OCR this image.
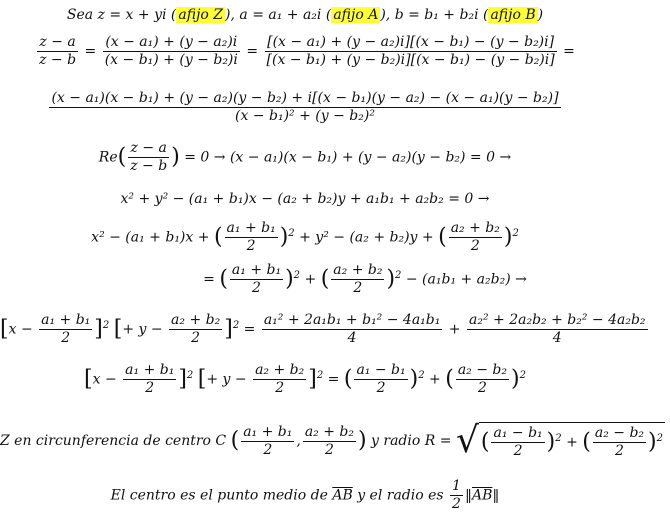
Sea z = x + yi ( afijo Z ), a = a₁ + a₂i ( afijo A ), b = b₁ + b₂i ( afijo B )
$\frac{z - a}{z - b} = \frac{\text{(x − a₁) + (y − a₂)i}}{\text{(x − b₁) + (y − b₂)i}} = \frac{\text{[(x − a₁) + (y − a₂)i][(x − b₁) − (y − b₂)i]}}{\text{[(x − b₁) + (y − b₂)i][(x − b₁) − (y − b₂)i]}}$ =
(x − a₁)(x − b₁) + (y − a₂)(y − b₂) + i[(x − b₁)(y − a₂) − (x − a₁)(y − b₂)]
(x − b₁)² + (y − b₂)²
$Re( \frac{z - a}{z - b}$ ) = 0 → (x − a₁)(x − b₁) + (y − a₂)(y − b₂) = 0 →
x² + y² − (a₁ + b₁)x − (a₂ + b₂)y + a₁b₁ + a₂b₂ = 0 →
x² − (a₁ + b₁)x + ( $\frac{\text{a₁ + b₁}}{2} )^2 + y^2 - (a_2 + b_2)y$ + ( $\frac{\text{a₂ + b₂}}{2} )^2$
= ( $\frac{\text{a₁ + b₁}}{2} )^2$ + ( $\frac{\text{a₂ + b₂}}{2} )^2 - (a_1b_1 + a_2b_2)$ →
$[x - \frac{\text{a₁ + b₁}}{2} ]^2$ [+ $y - \frac{\text{a₂ + b₂}}{2} ]^2 = \frac{\text{a₁² + 2a₁b₁ + b₁² − 4a₁b₁}}{4} + \frac{\text{a₂² + 2a₂b₂ + b₂² − 4a₂b₂}}{4}$
$[x - \frac{\text{a₁ + b₁}}{2} ]^2$ [+ $y - \frac{\text{a₂ + b₂}}{2} ]^2$ = ( $\frac{\text{a₁ − b₁}}{2} )^2$ + ( $\frac{\text{a₂ − b₂}}{2} )^2$
Z en circunferencia de centro C ( $\frac{\text{a₁ + b₁}}{2}$ , $\frac{\text{a₂ + b₂}}{2}$ ) y radio R = √( $\frac{\text{a₁ − b₁}}{2} )^2$ + ( $\frac{\text{a₂ − b₂}}{2} )^2$
El centro es el punto medio de $\overline{AB}$ y el radio es $\frac{1}{2}$ $‖\overline{AB}‖$
